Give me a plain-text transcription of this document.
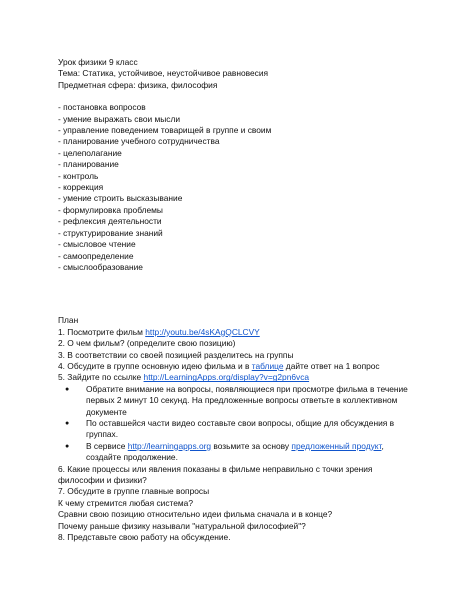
Урок физики 9 класс
Тема: Статика, устойчивое, неустойчивое равновесия
Предметная сфера: физика, философия
- постановка вопросов
- умение выражать свои мысли
- управление поведением товарищей в группе и своим
- планирование учебного сотрудничества
- целеполагание
- планирование
- контроль
- коррекция
- умение строить высказывание
- формулировка проблемы
- рефлексия деятельности
- структурирование знаний
- смысловое чтение
- самоопределение
- смыслообразование
План
1. Посмотрите фильм http://youtu.be/4sKAgQCLCVY
2. О чем фильм? (определите свою позицию)
3. В соответствии со своей позицией разделитесь на группы
4. Обсудите в группе основную идею фильма и в таблице дайте ответ на 1 вопрос
5. Зайдите по ссылке http://LearningApps.org/display?v=g2pn6vca
● Обратите внимание на вопросы, появляющиеся при просмотре фильма в течение
первых 2 минут 10 секунд. На предложенные вопросы ответьте в коллективном
документе
● По оставшейся части видео составьте свои вопросы, общие для обсуждения в
группах.
● В сервисе http://learningapps.org возьмите за основу предложенный продукт,
создайте продолжение.
6. Какие процессы или явления показаны в фильме неправильно с точки зрения
философии и физики?
7. Обсудите в группе главные вопросы
К чему стремится любая система?
Сравни свою позицию относительно идеи фильма сначала и в конце?
Почему раньше физику называли "натуральной философией"?
8. Представьте свою работу на обсуждение.
